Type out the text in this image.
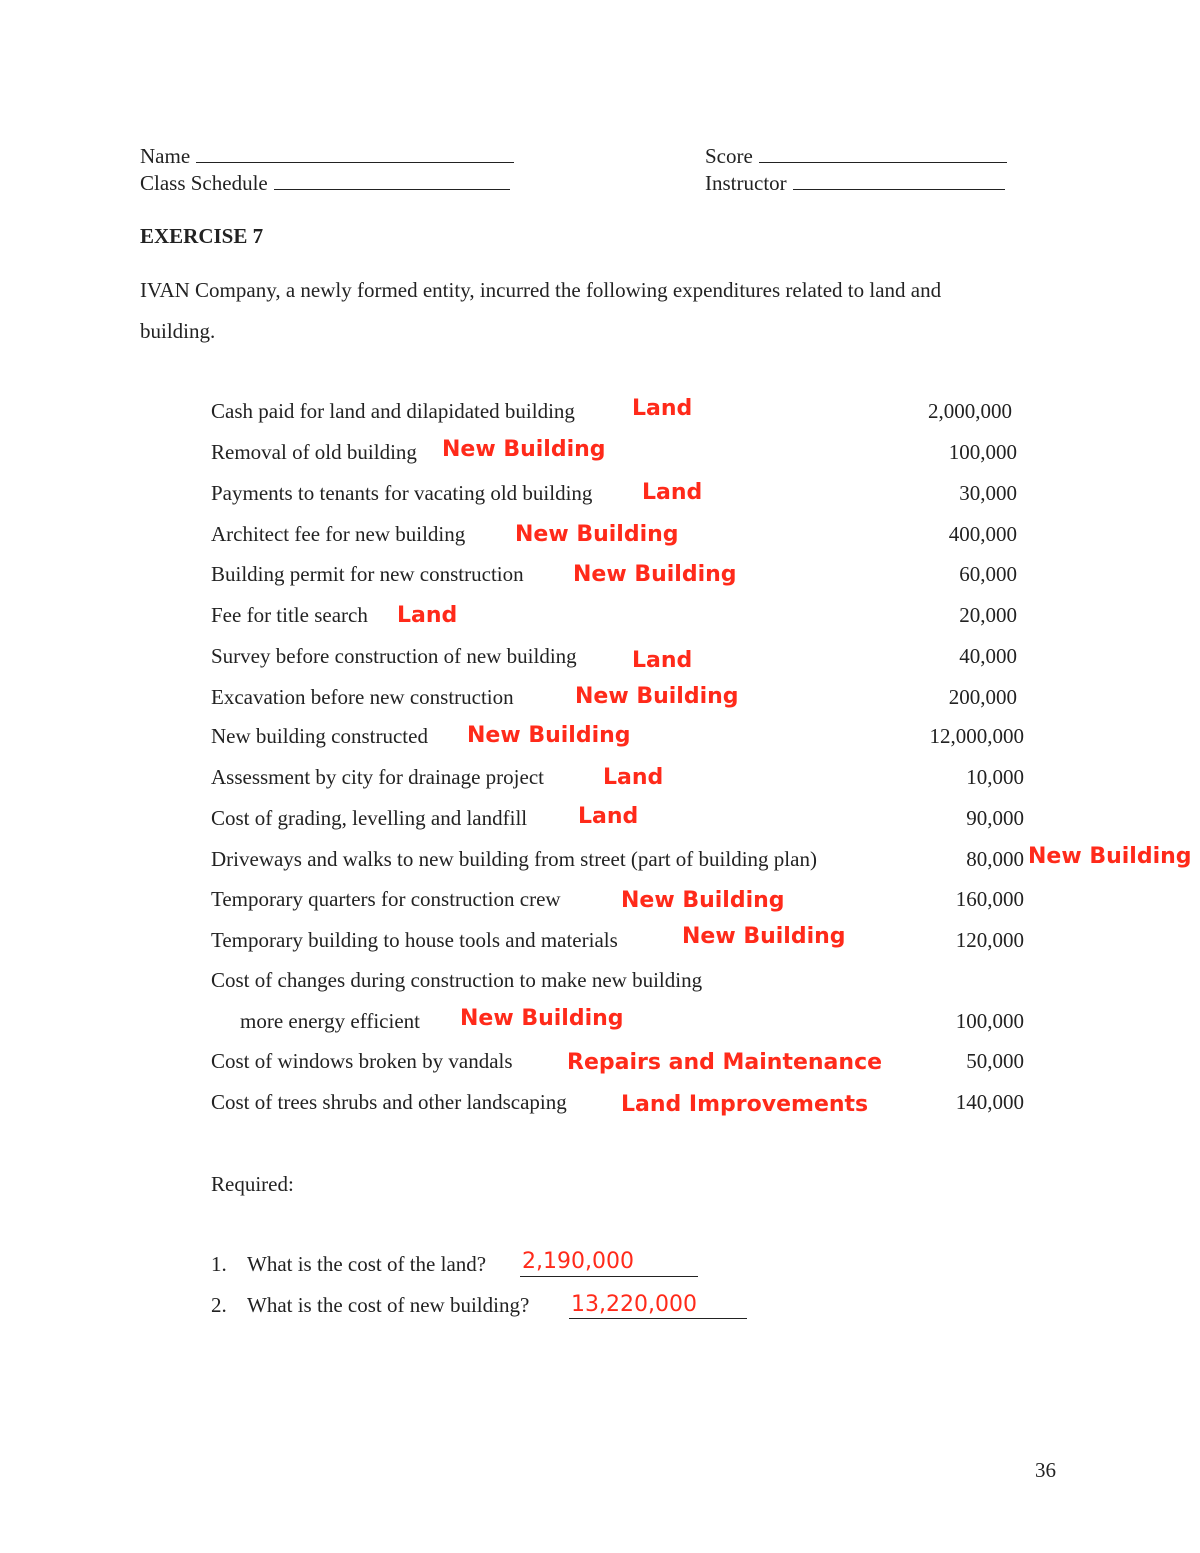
Name
Class Schedule
Score
Instructor
EXERCISE 7
IVAN Company, a newly formed entity, incurred the following expenditures related to land and
building.
Cash paid for land and dilapidated building	Land	2,000,000
Removal of old building New Building	100,000
Payments to tenants for vacating old building Land	30,000
Architect fee for new building New Building	400,000
Building permit for new construction New Building	60,000
Fee for title search Land	20,000
Survey before construction of new building	Land	40,000
Excavation before new construction	New Building	200,000
New building constructed New Building	12,000,000
Assessment by city for drainage project	Land	10,000
Cost of grading, levelling and landfill Land	90,000
Driveways and walks to new building from street (part of building plan)	80,000 New Building
Temporary quarters for construction crew	New Building	160,000
Temporary building to house tools and materials	New Building	120,000
Cost of changes during construction to make new building
more energy efficient New Building	100,000
Cost of windows broken by vandals Repairs and Maintenance	50,000
Cost of trees shrubs and other landscaping Land Improvements	140,000
Required:
1. What is the cost of the land? 2,190,000
2. What is the cost of new building? 13,220,000
36
